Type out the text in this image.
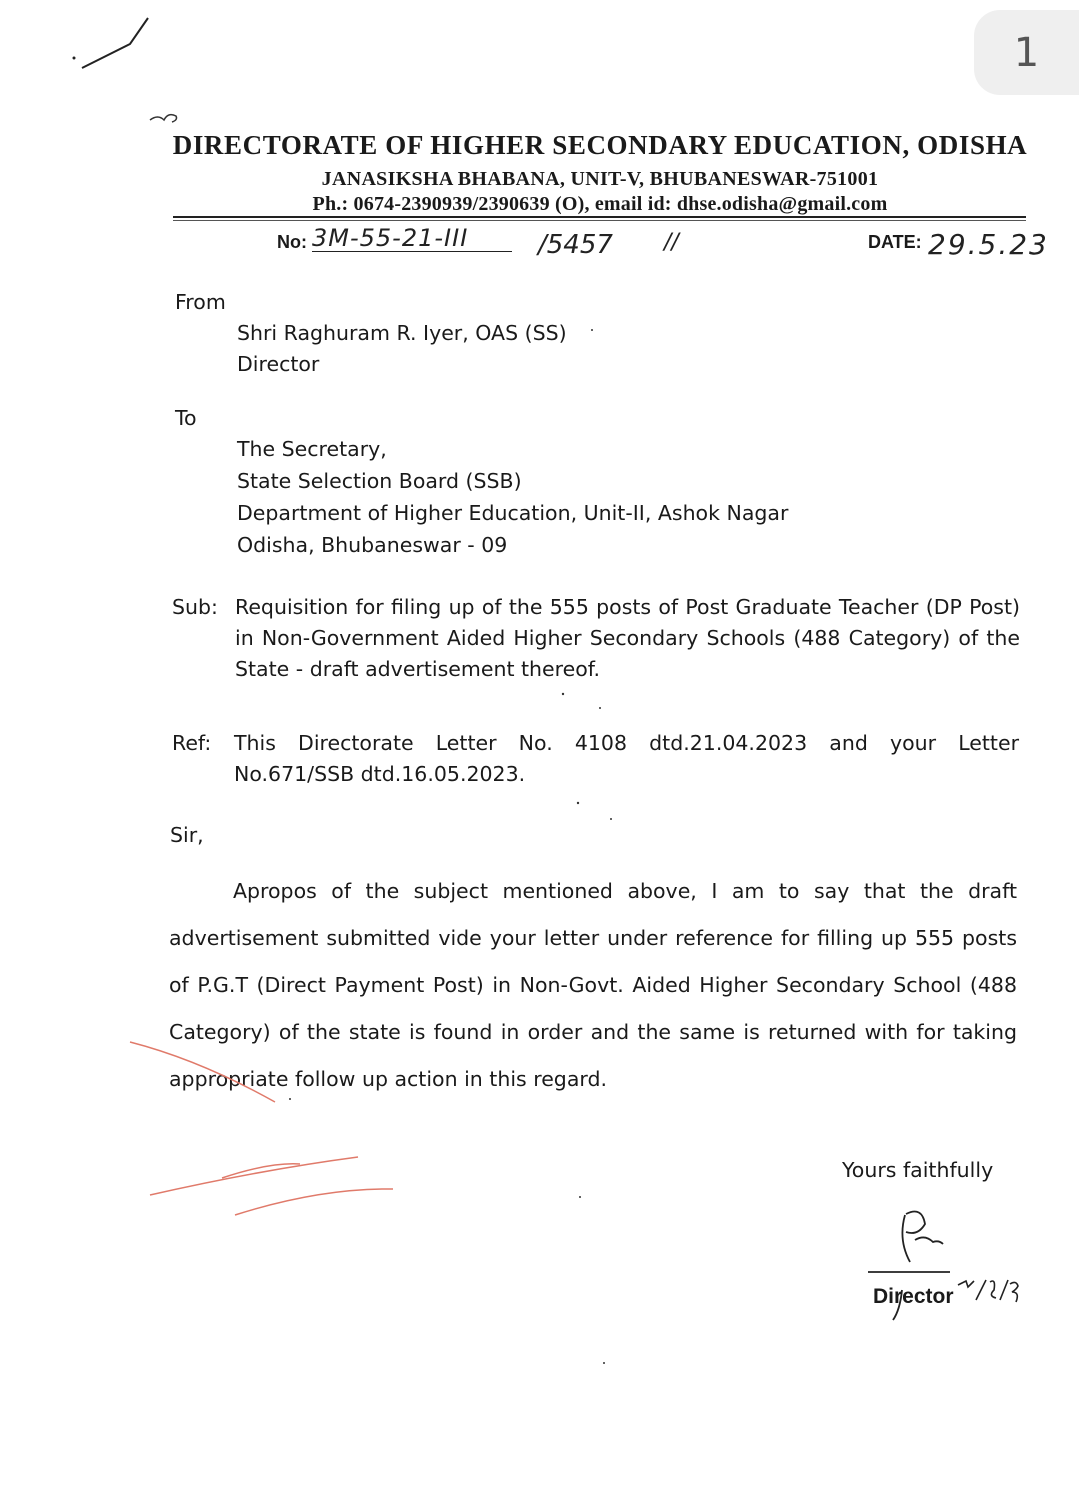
1
DIRECTORATE OF HIGHER SECONDARY EDUCATION, ODISHA
JANASIKSHA BHABANA, UNIT-V, BHUBANESWAR-751001
Ph.: 0674-2390939/2390639 (O), email id: dhse.odisha@gmail.com
No: 3M-55-21-III	/5457 //	DATE: 29.5.23
From
Shri Raghuram R. Iyer, OAS (SS)
Director
To
The Secretary,
State Selection Board (SSB)
Department of Higher Education, Unit-II, Ashok Nagar
Odisha, Bhubaneswar - 09
Sub: Requisition for filing up of the 555 posts of Post Graduate Teacher (DP Post) in Non-Government Aided Higher Secondary Schools (488 Category) of the State - draft advertisement thereof.
Ref: This Directorate Letter No. 4108 dtd.21.04.2023 and your Letter No.671/SSB dtd.16.05.2023.
Sir,
Apropos of the subject mentioned above, I am to say that the draft advertisement submitted vide your letter under reference for filling up 555 posts of P.G.T (Direct Payment Post) in Non-Govt. Aided Higher Secondary School (488 Category) of the state is found in order and the same is returned with for taking appropriate follow up action in this regard.
Yours faithfully
Director
